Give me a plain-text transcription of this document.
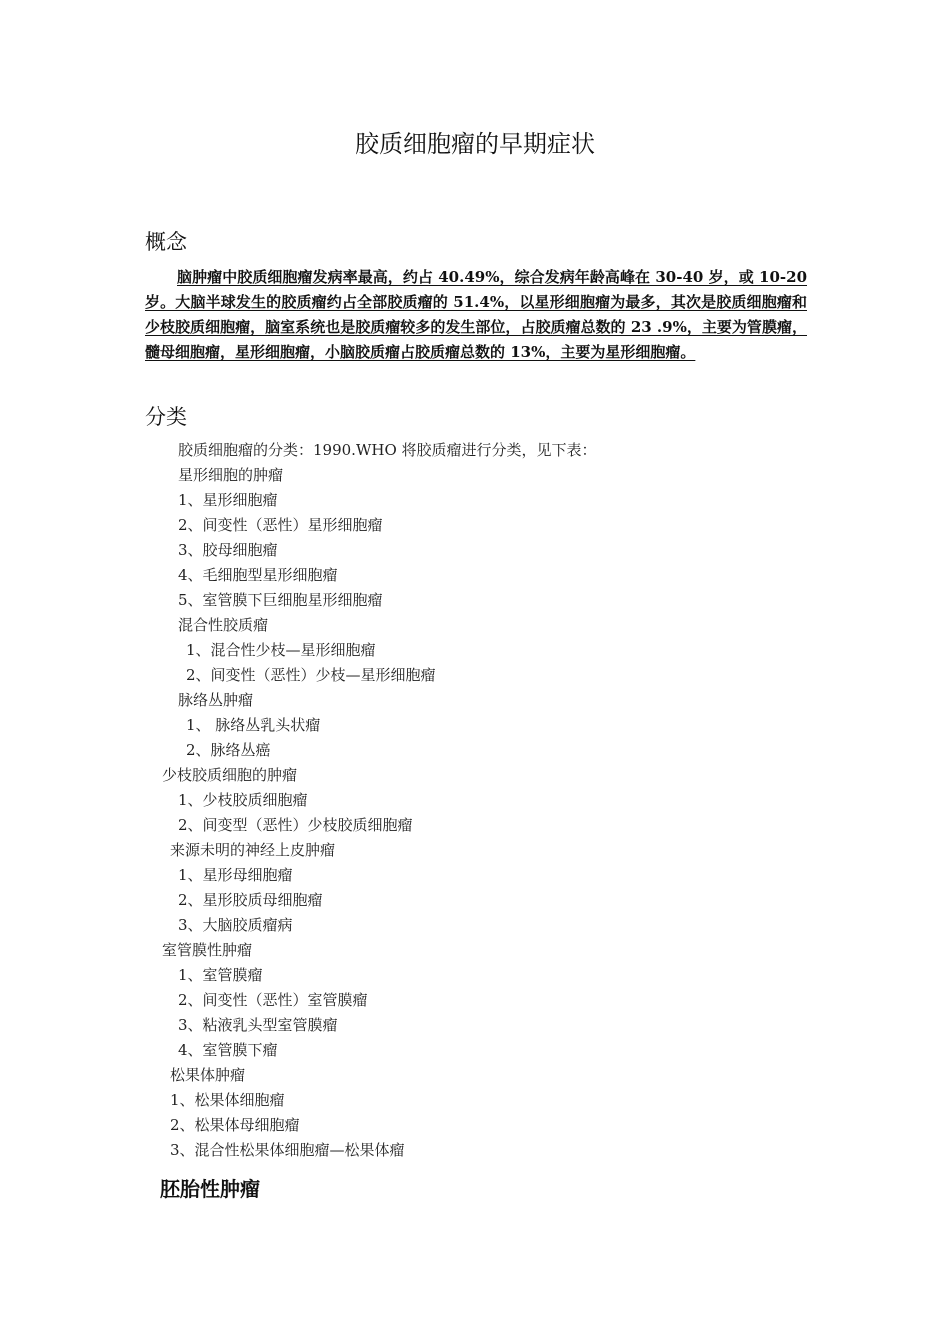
胶质细胞瘤的早期症状
概念
脑肿瘤中胶质细胞瘤发病率最高，约占 40.49%，综合发病年龄高峰在 30-40 岁，或 10-20 岁。大脑半球发生的胶质瘤约占全部胶质瘤的 51.4%，以星形细胞瘤为最多，其次是胶质细胞瘤和少枝胶质细胞瘤，脑室系统也是胶质瘤较多的发生部位，占胶质瘤总数的 23 .9%，主要为管膜瘤，髓母细胞瘤，星形细胞瘤，小脑胶质瘤占胶质瘤总数的 13%，主要为星形细胞瘤。
分类
胶质细胞瘤的分类：1990.WHO 将胶质瘤进行分类，见下表：
星形细胞的肿瘤
1、星形细胞瘤
2、间变性（恶性）星形细胞瘤
3、胶母细胞瘤
4、毛细胞型星形细胞瘤
5、室管膜下巨细胞星形细胞瘤
混合性胶质瘤
1、混合性少枝—星形细胞瘤
2、间变性（恶性）少枝—星形细胞瘤
脉络丛肿瘤
1、 脉络丛乳头状瘤
2、脉络丛癌
少枝胶质细胞的肿瘤
1、少枝胶质细胞瘤
2、间变型（恶性）少枝胶质细胞瘤
来源未明的神经上皮肿瘤
1、星形母细胞瘤
2、星形胶质母细胞瘤
3、大脑胶质瘤病
室管膜性肿瘤
1、室管膜瘤
2、间变性（恶性）室管膜瘤
3、粘液乳头型室管膜瘤
4、室管膜下瘤
松果体肿瘤
1、松果体细胞瘤
2、松果体母细胞瘤
3、混合性松果体细胞瘤—松果体瘤
胚胎性肿瘤
